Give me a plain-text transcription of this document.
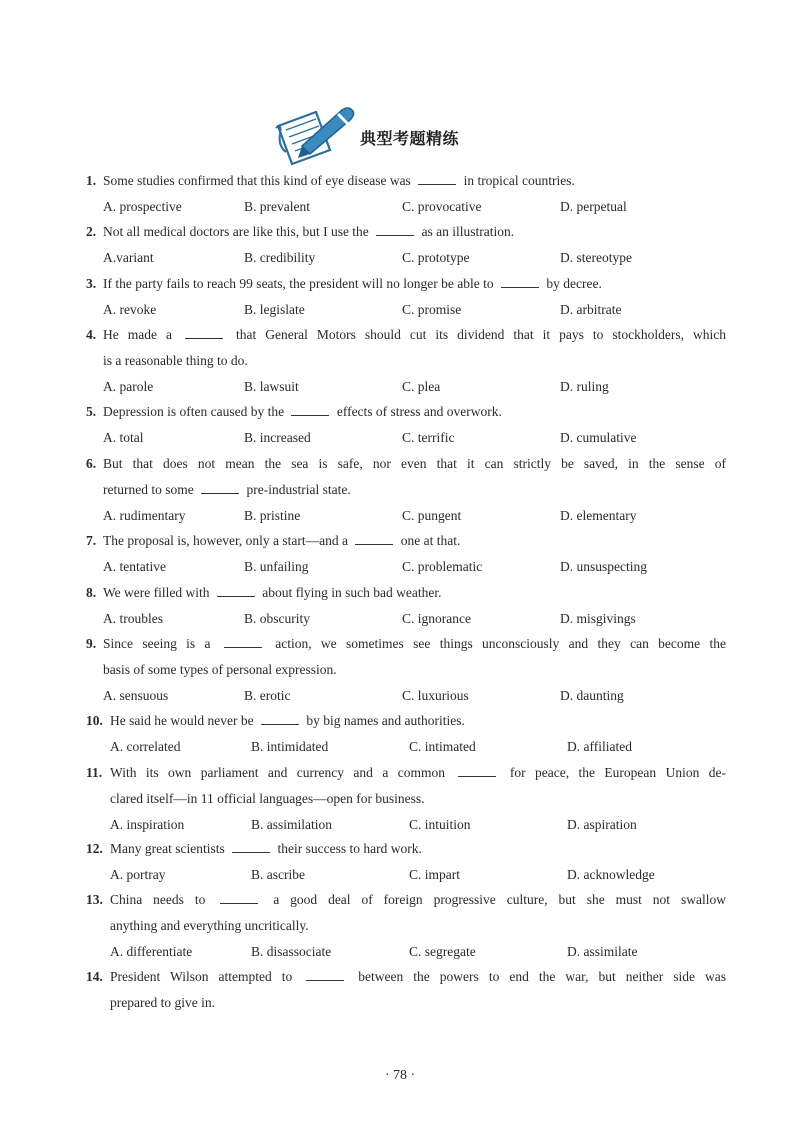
典型考题精练
1. Some studies confirmed that this kind of eye disease was	in tropical countries.
A. prospective	B. prevalent	C. provocative	D. perpetual
2. Not all medical doctors are like this, but I use the	as an illustration.
A.variant	B. credibility	C. prototype	D. stereotype
3. If the party fails to reach 99 seats, the president will no longer be able to	by decree.
A. revoke	B. legislate	C. promise	D. arbitrate
4. He made a	that General Motors should cut its dividend that it pays to stockholders, which
is a reasonable thing to do.
A. parole	B. lawsuit	C. plea	D. ruling
5. Depression is often caused by the	effects of stress and overwork.
A. total	B. increased	C. terrific	D. cumulative
6. But that does not mean the sea is safe, nor even that it can strictly be saved, in the sense of
returned to some	pre-industrial state.
A. rudimentary	B. pristine	C. pungent	D. elementary
7. The proposal is, however, only a start—and a	one at that.
A. tentative	B. unfailing	C. problematic	D. unsuspecting
8. We were filled with	about flying in such bad weather.
A. troubles	B. obscurity	C. ignorance	D. misgivings
9. Since seeing is a	action, we sometimes see things unconsciously and they can become the
basis of some types of personal expression.
A. sensuous	B. erotic	C. luxurious	D. daunting
10. He said he would never be	by big names and authorities.
A. correlated	B. intimidated	C. intimated	D. affiliated
11. With its own parliament and currency and a common	for peace, the European Union de-
clared itself—in 11 official languages—open for business.
A. inspiration	B. assimilation	C. intuition	D. aspiration
12. Many great scientists	their success to hard work.
A. portray	B. ascribe	C. impart	D. acknowledge
13. China needs to	a good deal of foreign progressive culture, but she must not swallow
anything and everything uncritically.
A. differentiate	B. disassociate	C. segregate	D. assimilate
14. President Wilson attempted to	between the powers to end the war, but neither side was
prepared to give in.
· 78 ·
